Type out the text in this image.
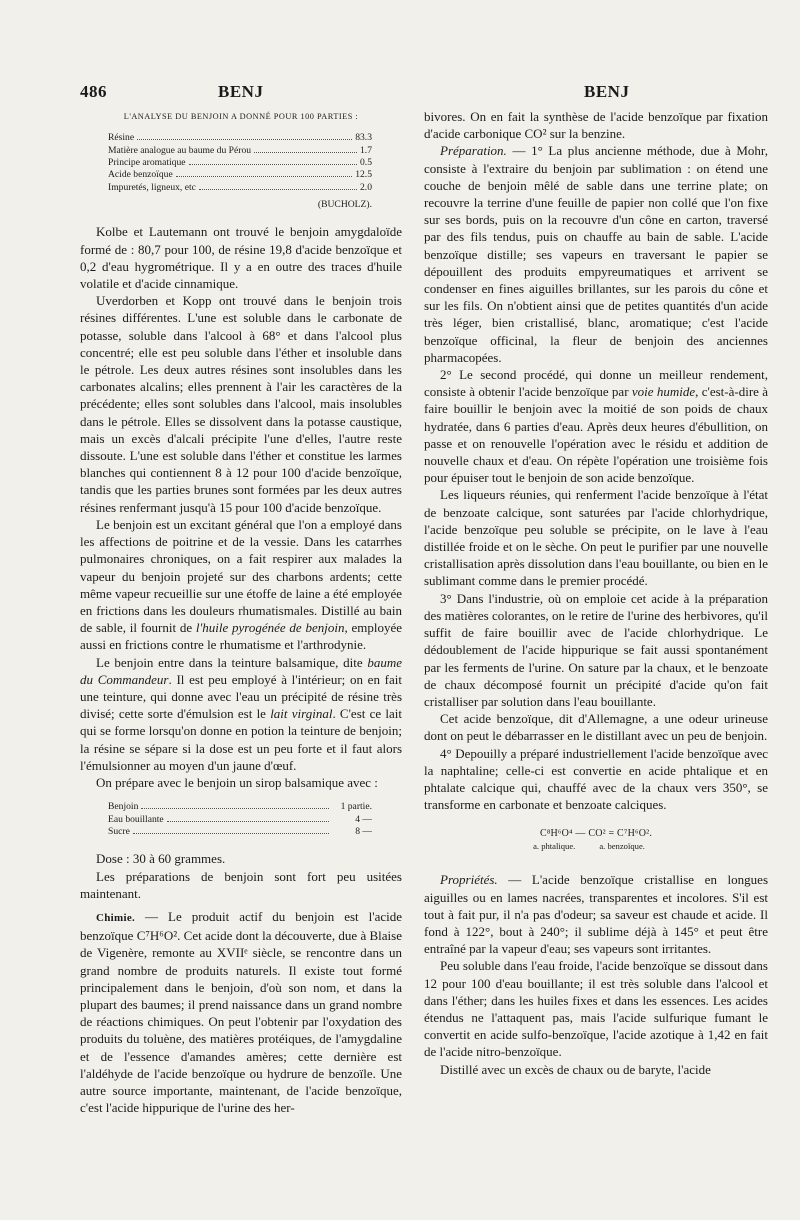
486	BENJ	BENJ
L'ANALYSE DU BENJOIN A DONNÉ POUR 100 PARTIES :
Résine	83.3
Matière analogue au baume du Pérou	1.7
Principe aromatique	0.5
Acide benzoïque	12.5
Impuretés, ligneux, etc	2.0
(BUCHOLZ).

Kolbe et Lautemann ont trouvé le benjoin amygdaloïde formé de : 80,7 pour 100, de résine 19,8 d'acide benzoïque et 0,2 d'eau hygrométrique. Il y a en outre des traces d'huile volatile et d'acide cinnamique.

Uverdorben et Kopp ont trouvé dans le benjoin trois résines différentes. L'une est soluble dans le carbonate de potasse, soluble dans l'alcool à 68° et dans l'alcool plus concentré; elle est peu soluble dans l'éther et insoluble dans le pétrole. Les deux autres résines sont insolubles dans les carbonates alcalins; elles prennent à l'air les caractères de la précédente; elles sont solubles dans l'alcool, mais insolubles dans le pétrole. Elles se dissolvent dans la potasse caustique, mais un excès d'alcali précipite l'une d'elles, l'autre reste dissoute. L'une est soluble dans l'éther et constitue les larmes blanches qui contiennent 8 à 12 pour 100 d'acide benzoïque, tandis que les parties brunes sont formées par les deux autres résines renfermant jusqu'à 15 pour 100 d'acide benzoïque.

Le benjoin est un excitant général que l'on a employé dans les affections de poitrine et de la vessie. Dans les catarrhes pulmonaires chroniques, on a fait respirer aux malades la vapeur du benjoin projeté sur des charbons ardents; cette même vapeur recueillie sur une étoffe de laine a été employée en frictions dans les douleurs rhumatismales. Distillé au bain de sable, il fournit de l'huile pyrogénée de benjoin, employée aussi en frictions contre le rhumatisme et l'arthrodynie.

Le benjoin entre dans la teinture balsamique, dite baume du Commandeur. Il est peu employé à l'intérieur; on en fait une teinture, qui donne avec l'eau un précipité de résine très divisé; cette sorte d'émulsion est le lait virginal. C'est ce lait qui se forme lorsqu'on donne en potion la teinture de benjoin; la résine se sépare si la dose est un peu forte et il faut alors l'émulsionner au moyen d'un jaune d'œuf.

On prépare avec le benjoin un sirop balsamique avec :

Benjoin	1 partie.
Eau bouillante	4 —
Sucre	8 —

Dose : 30 à 60 grammes.

Les préparations de benjoin sont fort peu usitées maintenant.

Chimie. — Le produit actif du benjoin est l'acide benzoïque C⁷H⁶O². Cet acide dont la découverte, due à Blaise de Vigenère, remonte au XVIIᵉ siècle, se rencontre dans un grand nombre de produits naturels. Il existe tout formé principalement dans le benjoin, d'où son nom, et dans la plupart des baumes; il prend naissance dans un grand nombre de réactions chimiques. On peut l'obtenir par l'oxydation des produits du toluène, des matières protéiques, de l'amygdaline et de l'essence d'amandes amères; cette dernière est l'aldéhyde de l'acide benzoïque ou hydrure de benzoïle. Une autre source importante, maintenant, de l'acide benzoïque, c'est l'acide hippurique de l'urine des her-

bivores. On en fait la synthèse de l'acide benzoïque par fixation d'acide carbonique CO² sur la benzine.

Préparation. — 1° La plus ancienne méthode, due à Mohr, consiste à l'extraire du benjoin par sublimation : on étend une couche de benjoin mêlé de sable dans une terrine plate; on recouvre la terrine d'une feuille de papier non collé que l'on fixe sur ses bords, puis on la recouvre d'un cône en carton, traversé par des fils tendus, puis on chauffe au bain de sable. L'acide benzoïque distille; ses vapeurs en traversant le papier se dépouillent des produits empyreumatiques et arrivent se condenser en fines aiguilles brillantes, sur les parois du cône et sur les fils. On n'obtient ainsi que de petites quantités d'un acide très léger, bien cristallisé, blanc, aromatique; c'est l'acide benzoïque officinal, la fleur de benjoin des anciennes pharmacopées.

2° Le second procédé, qui donne un meilleur rendement, consiste à obtenir l'acide benzoïque par voie humide, c'est-à-dire à faire bouillir le benjoin avec la moitié de son poids de chaux hydratée, dans 6 parties d'eau. Après deux heures d'ébullition, on passe et on renouvelle l'opération avec le résidu et addition de nouvelle chaux et d'eau. On répète l'opération une troisième fois pour épuiser tout le benjoin de son acide benzoïque.

Les liqueurs réunies, qui renferment l'acide benzoïque à l'état de benzoate calcique, sont saturées par l'acide chlorhydrique, l'acide benzoïque peu soluble se précipite, on le lave à l'eau distillée froide et on le sèche. On peut le purifier par une nouvelle cristallisation après dissolution dans l'eau bouillante, ou bien en le sublimant comme dans le premier procédé.

3° Dans l'industrie, où on emploie cet acide à la préparation des matières colorantes, on le retire de l'urine des herbivores, qu'il suffit de faire bouillir avec de l'acide chlorhydrique. Le dédoublement de l'acide hippurique se fait aussi spontanément par les ferments de l'urine. On sature par la chaux, et le benzoate de chaux décomposé fournit un précipité d'acide qu'on fait cristalliser par solution dans l'eau bouillante.

Cet acide benzoïque, dit d'Allemagne, a une odeur urineuse dont on peut le débarrasser en le distillant avec un peu de benjoin.

4° Depouilly a préparé industriellement l'acide benzoïque avec la naphtaline; celle-ci est convertie en acide phtalique et en phtalate calcique qui, chauffé avec de la chaux vers 350°, se transforme en carbonate et benzoate calciques.

C⁸H⁶O⁴ — CO² = C⁷H⁶O².
a. phtalique.	a. benzoïque.

Propriétés. — L'acide benzoïque cristallise en longues aiguilles ou en lames nacrées, transparentes et incolores. S'il est tout à fait pur, il n'a pas d'odeur; sa saveur est chaude et acide. Il fond à 122°, bout à 240°; il sublime déjà à 145° et peut être entraîné par la vapeur d'eau; ses vapeurs sont irritantes.

Peu soluble dans l'eau froide, l'acide benzoïque se dissout dans 12 pour 100 d'eau bouillante; il est très soluble dans l'alcool et dans l'éther; dans les huiles fixes et dans les essences. Les acides étendus ne l'attaquent pas, mais l'acide sulfurique fumant le convertit en acide sulfo-benzoïque, l'acide azotique à 1,42 en fait de l'acide nitro-benzoïque.

Distillé avec un excès de chaux ou de baryte, l'acide
